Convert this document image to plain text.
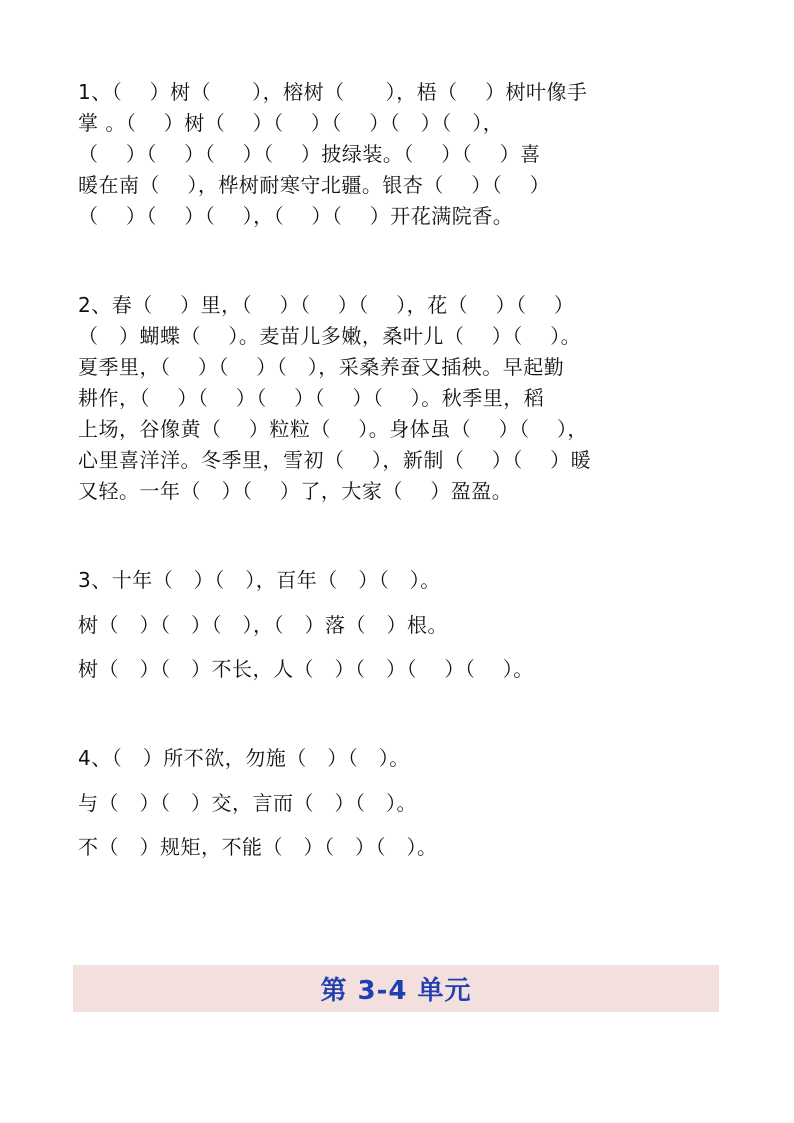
1、（　 ）树（　　），榕树（　　），梧（　 ）树叶像手
掌 。（　 ）树（　 ）（　 ）（　 ）（　）（　），
（　 ）（　 ）（　 ）（　 ）披绿装。（　 ）（　 ）喜
暖在南（　 ），桦树耐寒守北疆。银杏（　 ）（　 ）
（　 ）（　 ）（　 ），（　 ）（　 ）开花满院香。
2、春（　 ）里，（　 ）（　 ）（　 ），花（　 ）（　 ）
（　）蝴蝶（　 ）。麦苗儿多嫩，桑叶儿（　 ）（　 ）。
夏季里，（　 ）（　 ）（　），采桑养蚕又插秧。早起勤
耕作，（　 ）（　 ）（　 ）（　 ）（　 ）。秋季里，稻
上场，谷像黄（　 ）粒粒（　 ）。身体虽（　 ）（　 ），
心里喜洋洋。冬季里，雪初（　 ），新制（　 ）（　 ）暖
又轻。一年（　）（　 ）了，大家（　 ）盈盈。
3、十年（　）（　），百年（　）（　）。
树（　）（　）（　），（　）落（　）根。
树（　）（　）不长，人（　）（　）（　 ）（　 ）。
4、（　）所不欲，勿施（　）（　）。
与（　）（　）交，言而（　）（　）。
不（　）规矩，不能（　）（　）（　）。
第 3-4 单元
